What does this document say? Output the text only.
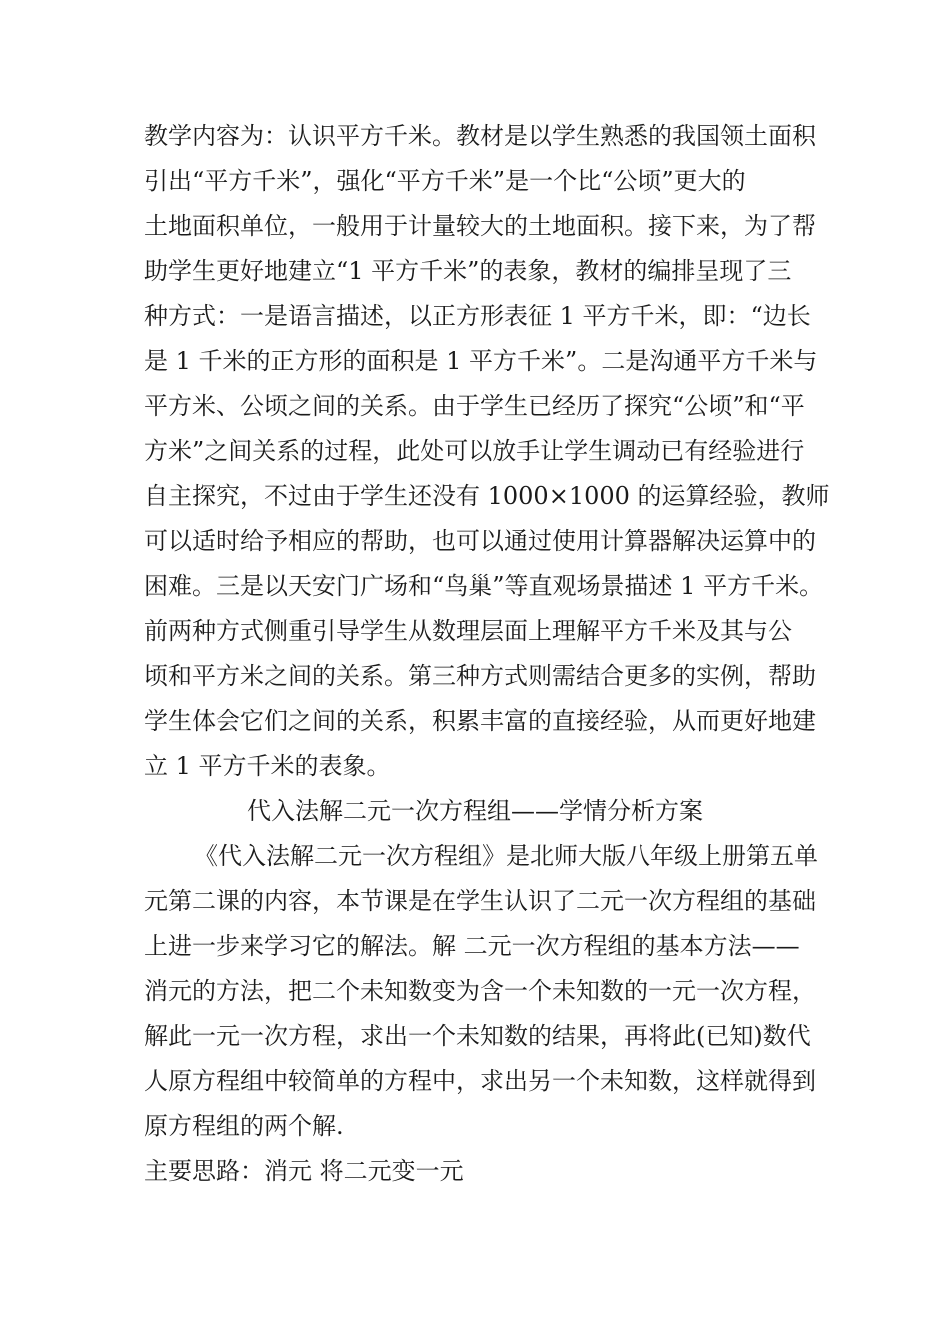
教学内容为：认识平方千米。教材是以学生熟悉的我国领土面积
引出“平方千米”，强化“平方千米”是一个比“公顷”更大的
土地面积单位，一般用于计量较大的土地面积。接下来，为了帮
助学生更好地建立“1 平方千米”的表象，教材的编排呈现了三
种方式：一是语言描述，以正方形表征 1 平方千米，即：“边长
是 1 千米的正方形的面积是 1 平方千米”。二是沟通平方千米与
平方米、公顷之间的关系。由于学生已经历了探究“公顷”和“平
方米”之间关系的过程，此处可以放手让学生调动已有经验进行
自主探究，不过由于学生还没有 1000×1000 的运算经验，教师
可以适时给予相应的帮助，也可以通过使用计算器解决运算中的
困难。三是以天安门广场和“鸟巢”等直观场景描述 1 平方千米。
前两种方式侧重引导学生从数理层面上理解平方千米及其与公
顷和平方米之间的关系。第三种方式则需结合更多的实例，帮助
学生体会它们之间的关系，积累丰富的直接经验，从而更好地建
立 1 平方千米的表象。
代入法解二元一次方程组——学情分析方案
《代入法解二元一次方程组》是北师大版八年级上册第五单
元第二课的内容，本节课是在学生认识了二元一次方程组的基础
上进一步来学习它的解法。解 二元一次方程组的基本方法——
消元的方法，把二个未知数变为含一个未知数的一元一次方程，
解此一元一次方程，求出一个未知数的结果，再将此(已知)数代
人原方程组中较简单的方程中，求出另一个未知数，这样就得到
原方程组的两个解.
主要思路：消元 将二元变一元
